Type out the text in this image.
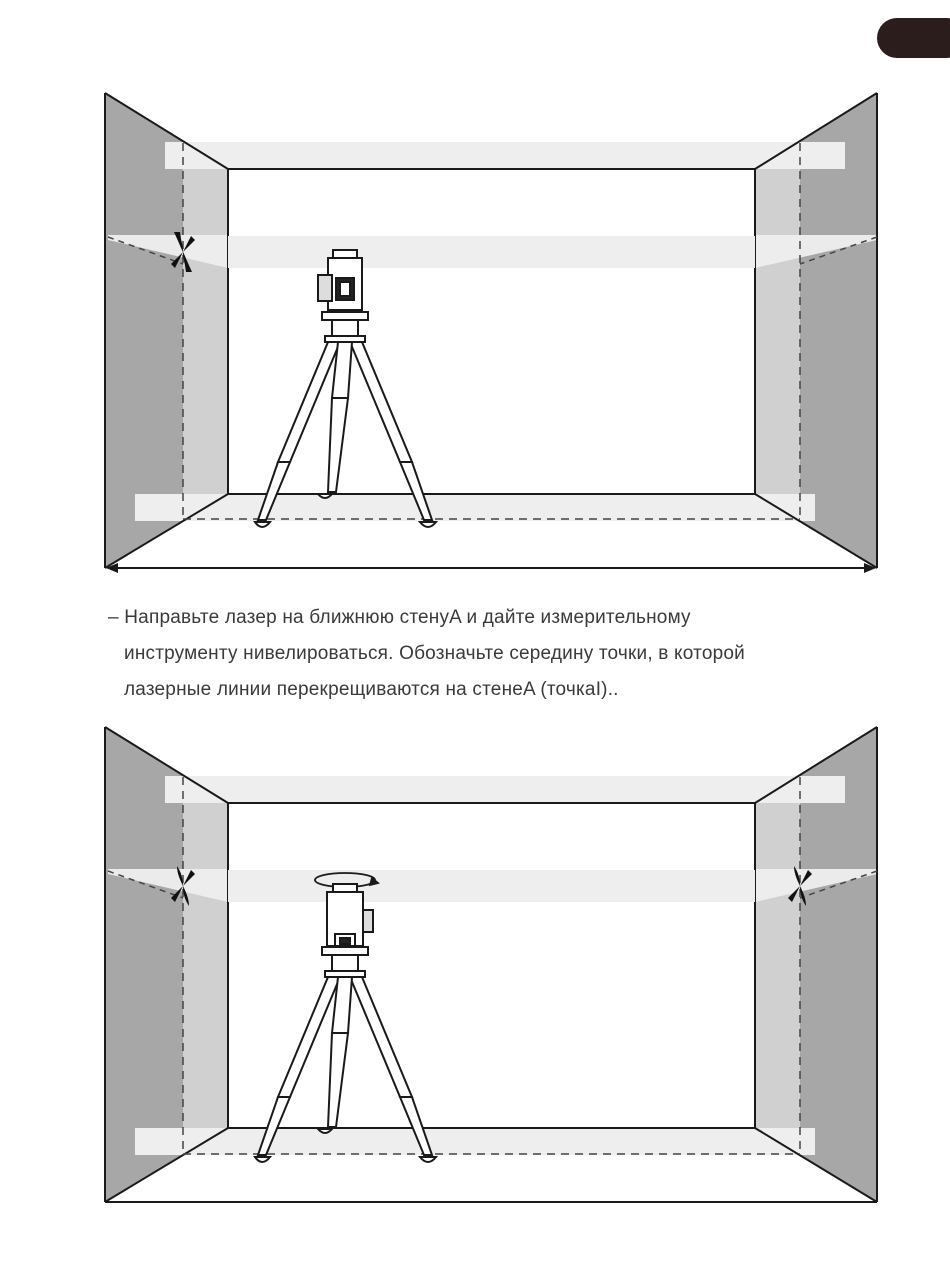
– Направьте лазер на ближнюю стенуA и дайте измерительному
инструменту нивелироваться. Обозначьте середину точки, в которой
лазерные линии перекрещиваются на стенеA (точкаI)..
